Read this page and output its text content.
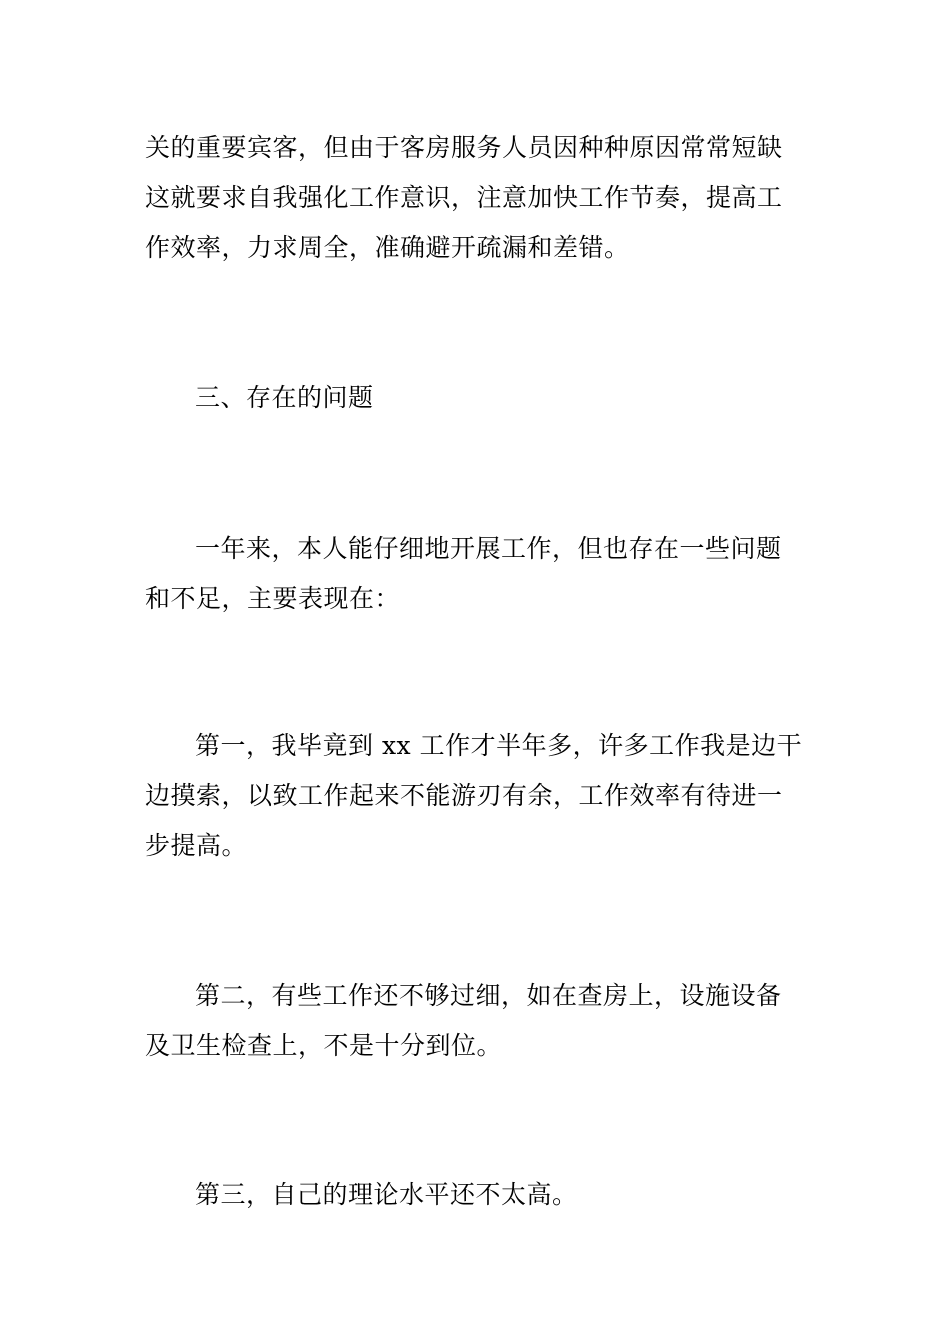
关的重要宾客，但由于客房服务人员因种种原因常常短缺
这就要求自我强化工作意识，注意加快工作节奏，提高工
作效率，力求周全，准确避开疏漏和差错。
三、存在的问题
一年来，本人能仔细地开展工作，但也存在一些问题
和不足，主要表现在：
第一，我毕竟到 xx 工作才半年多，许多工作我是边干
边摸索，以致工作起来不能游刃有余，工作效率有待进一
步提高。
第二，有些工作还不够过细，如在查房上，设施设备
及卫生检查上，不是十分到位。
第三，自己的理论水平还不太高。
